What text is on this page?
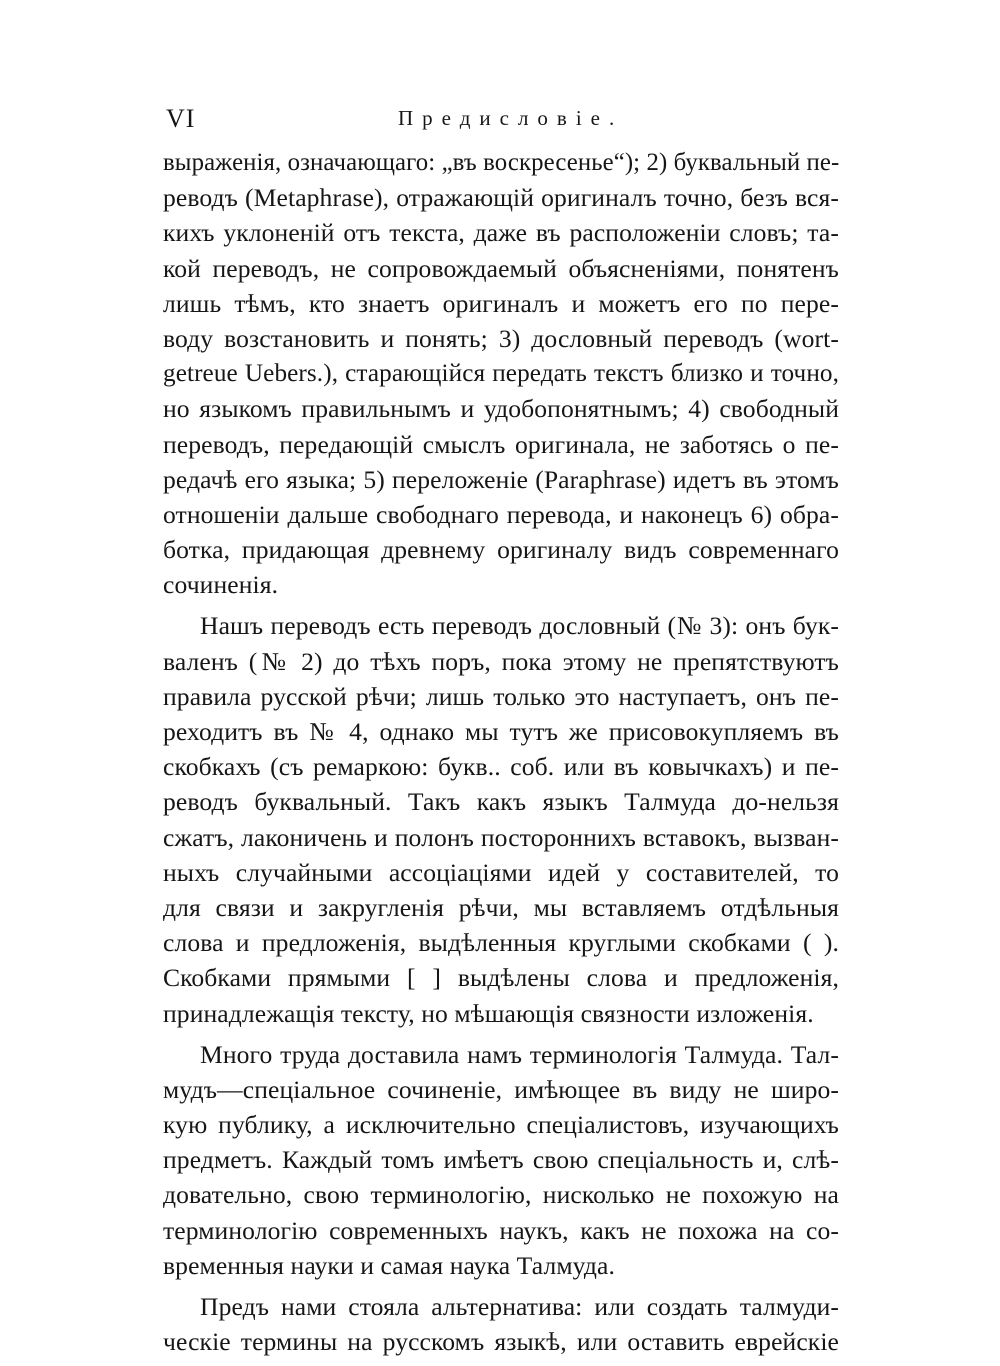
VI	Предисловіе.
выраженія, означающаго: „въ воскресенье“); 2) буквальный пе-
реводъ (Metaphrase), отражающій оригиналъ точно, безъ вся-
кихъ уклоненій отъ текста, даже въ расположеніи словъ; та-
кой переводъ, не сопровождаемый объясненіями, понятенъ
лишь тѣмъ, кто знаетъ оригиналъ и можетъ его по пере-
воду возстановить и понять; 3) дословный переводъ (wort-
getreue Uebers.), старающійся передать текстъ близко и точно,
но языкомъ правильнымъ и удобопонятнымъ; 4) свободный
переводъ, передающій смыслъ оригинала, не заботясь о пе-
редачѣ его языка; 5) переложеніе (Paraphrase) идетъ въ этомъ
отношеніи дальше свободнаго перевода, и наконецъ 6) обра-
ботка, придающая древнему оригиналу видъ современнаго
сочиненія.
Нашъ переводъ есть переводъ дословный (№ 3): онъ бук-
валенъ (№ 2) до тѣхъ поръ, пока этому не препятствуютъ
правила русской рѣчи; лишь только это наступаетъ, онъ пе-
реходитъ въ № 4, однако мы тутъ же присовокупляемъ въ
скобкахъ (съ ремаркою: букв.. соб. или въ ковычкахъ) и пе-
реводъ буквальный. Такъ какъ языкъ Талмуда до-нельзя
сжатъ, лаконичень и полонъ постороннихъ вставокъ, вызван-
ныхъ случайными ассоціаціями идей у составителей, то
для связи и закругленія рѣчи, мы вставляемъ отдѣльныя
слова и предложенія, выдѣленныя круглыми скобками ( ).
Скобками прямыми [ ] выдѣлены слова и предложенія,
принадлежащія тексту, но мѣшающія связности изложенія.
Много труда доставила намъ терминологія Талмуда. Тал-
мудъ—спеціальное сочиненіе, имѣющее въ виду не широ-
кую публику, а исключительно спеціалистовъ, изучающихъ
предметъ. Каждый томъ имѣетъ свою спеціальность и, слѣ-
довательно, свою терминологію, нисколько не похожую на
терминологію современныхъ наукъ, какъ не похожа на со-
временныя науки и самая наука Талмуда.
Предъ нами стояла альтернатива: или создать талмуди-
ческіе термины на русскомъ языкѣ, или оставить еврейскіе
